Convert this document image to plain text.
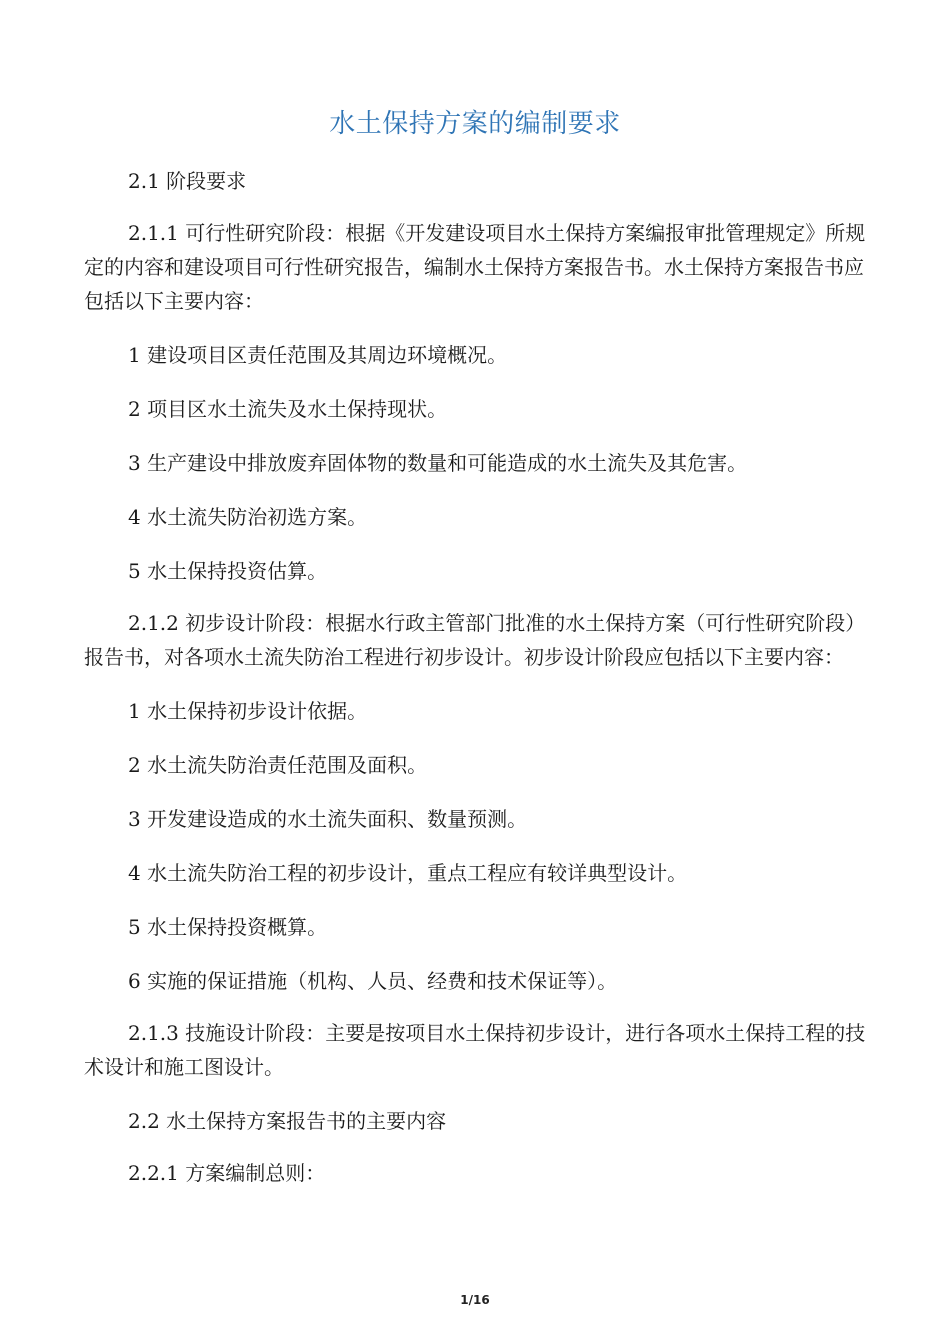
水土保持方案的编制要求

2.1 阶段要求

2.1.1 可行性研究阶段：根据《开发建设项目水土保持方案编报审批管理规定》所规定的内容和建设项目可行性研究报告，编制水土保持方案报告书。水土保持方案报告书应包括以下主要内容：

1 建设项目区责任范围及其周边环境概况。

2 项目区水土流失及水土保持现状。

3 生产建设中排放废弃固体物的数量和可能造成的水土流失及其危害。

4 水土流失防治初选方案。

5 水土保持投资估算。

2.1.2 初步设计阶段：根据水行政主管部门批准的水土保持方案（可行性研究阶段）报告书，对各项水土流失防治工程进行初步设计。初步设计阶段应包括以下主要内容：

1 水土保持初步设计依据。

2 水土流失防治责任范围及面积。

3 开发建设造成的水土流失面积、数量预测。

4 水土流失防治工程的初步设计，重点工程应有较详典型设计。

5 水土保持投资概算。

6 实施的保证措施（机构、人员、经费和技术保证等）。

2.1.3 技施设计阶段：主要是按项目水土保持初步设计，进行各项水土保持工程的技术设计和施工图设计。

2.2 水土保持方案报告书的主要内容

2.2.1 方案编制总则：

1/16
